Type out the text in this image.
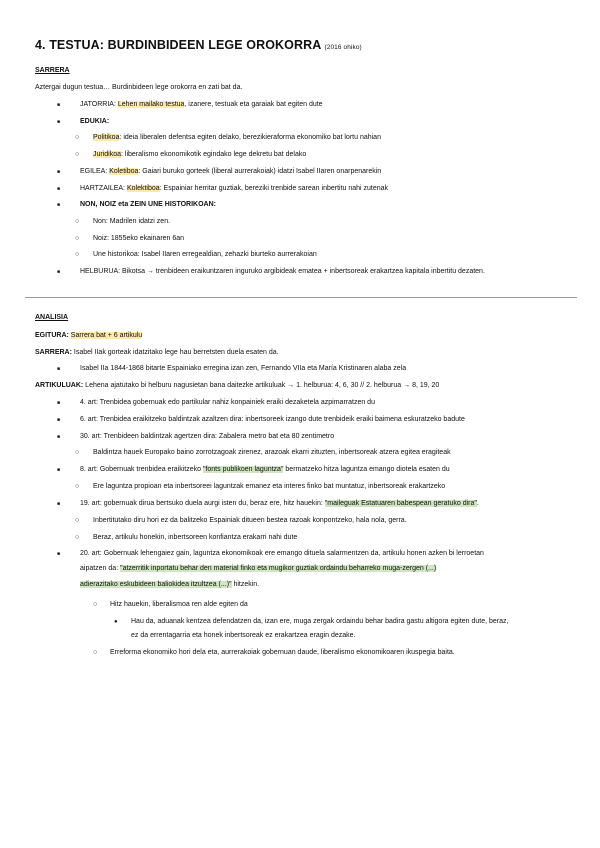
4. TESTUA: BURDINBIDEEN LEGE OROKORRA (2016 ohiko)
SARRERA
Aztergai dugun testua… Burdinbideen lege orokorra en zati bat da.
■
JATORRIA: Lehen mailako testua, izanere, testuak eta garaiak bat egiten dute
■
EDUKIA:
○
Politikoa: ideia liberalen defentsa egiten delako, berezikieraforma ekonomiko bat lortu nahian
○
Juridikoa: liberalismo ekonomikotik egindako lege dekretu bat delako
■
EGILEA: Koletiboa: Gaiari buruko gorteek (liberal aurrerakoiak) idatzi Isabel IIaren onarpenarekin
■
HARTZAILEA: Kolektiboa: Espainiar herritar guztiak, bereziki trenbide sarean inbertitu nahi zutenak
■
NON, NOIZ eta ZEIN UNE HISTORIKOAN:
○
Non: Madrilen idatzi zen.
○
Noiz: 1855eko ekainaren 6an
○
Une historikoa: Isabel IIaren erregealdian, zehazki biurteko aurrerakoian
■
HELBURUA: Bikotsa → trenbideen eraikuntzaren inguruko argibideak ematea + inbertsoreak erakartzea kapitala inbertitu dezaten.
ANALISIA
EGITURA: Sarrera bat + 6 artikulu
SARRERA: Isabel IIak gorteak idatzitako lege hau berretsten duela esaten da.
■
Isabel IIa 1844-1868 bitarte Espainiako erregina izan zen, Fernando VIIa eta María Kristinaren alaba zela
ARTIKULUAK: Lehena ajatutako bi helburu nagusietan bana daitezke artikuluak → 1. helburua: 4, 6, 30 // 2. helburua → 8, 19, 20
■
4. art: Trenbidea gobernuak edo partikular nahiz konpainiek eraiki dezaketela azpimarratzen du
■
6. art: Trenbidea eraikitzeko baldintzak azaltzen dira: inbertsoreek izango dute trenbideik eraiki baimena eskuratzeko badute
■
30. art: Trenbideen baldintzak agertzen dira: Zabalera metro bat eta 80 zentimetro
○
Baldintza hauek Europako baino zorrotzagoak zirenez, arazoak ekarri zituzten, inbertsoreak atzera egitea eragiteak
■
8. art: Gobernuak trenbidea eraikitzeko "fonts publikoen laguntza" bermatzeko hitza laguntza emango diotela esaten du
○
Ere laguntza propioan eta inbertsoreei laguntzak emanez eta interes finko bat muntatuz, inbertsoreak erakartzeko
■
19. art: gobernuak dirua bertsuko duela aurgi isten du, beraz ere, hitz hauekin: "maileguak Estatuaren babespean geratuko dira".
○
Inbertitutako diru hori ez da balitzeko Espainiak ditueen bestea razoak konpontzeko, hala nola, gerra.
○
Beraz, artikulu honekin, inbertsoreen konfiantza erakarri nahi dute
■
20. art: Gobernuak lehengaiez gain, laguntza ekonomikoak ere emango dituela salarmentzen da, artikulu honen azken bi lerroetan
aipatzen da: "atzerritik inportatu behar den material finko eta mugikor guztiak ordaindu beharreko muga-zergen (...)
adierazitako eskubideen baliokidea itzultzea (...)" hitzekin.
○
Hitz hauekin, liberalismoa ren alde egiten da
●
Hau da, aduanak kentzea defendatzen da, izan ere, muga zergak ordaindu behar badira gastu altigora egiten dute, beraz,
ez da errentagarria eta honek inbertsoreak ez erakartzea eragin dezake.
○
Erreforma ekonomiko hori dela eta, aurrerakoiak gobernuan daude, liberalismo ekonomikoaren ikuspegia baita.
